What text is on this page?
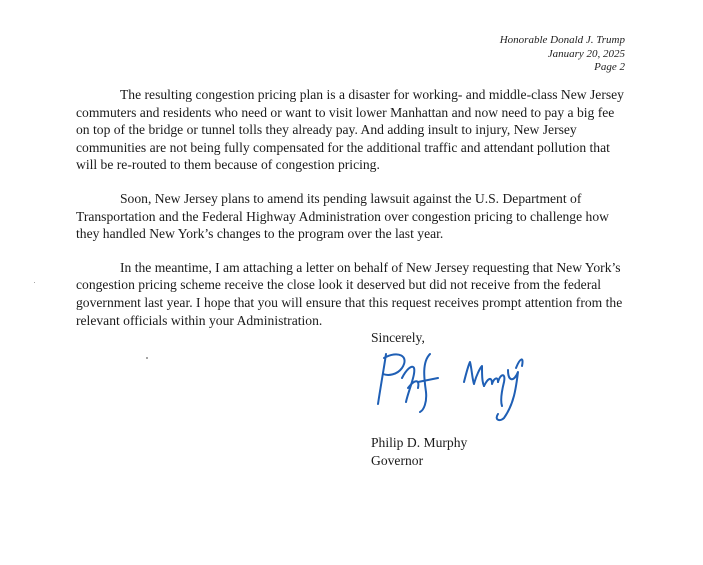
Honorable Donald J. Trump
January 20, 2025
Page 2

The resulting congestion pricing plan is a disaster for working- and middle-class New Jersey commuters and residents who need or want to visit lower Manhattan and now need to pay a big fee on top of the bridge or tunnel tolls they already pay. And adding insult to injury, New Jersey communities are not being fully compensated for the additional traffic and attendant pollution that will be re-routed to them because of congestion pricing.

Soon, New Jersey plans to amend its pending lawsuit against the U.S. Department of Transportation and the Federal Highway Administration over congestion pricing to challenge how they handled New York’s changes to the program over the last year.

In the meantime, I am attaching a letter on behalf of New Jersey requesting that New York’s congestion pricing scheme receive the close look it deserved but did not receive from the federal government last year. I hope that you will ensure that this request receives prompt attention from the relevant officials within your Administration.

Sincerely,
Philip D. Murphy
Governor
